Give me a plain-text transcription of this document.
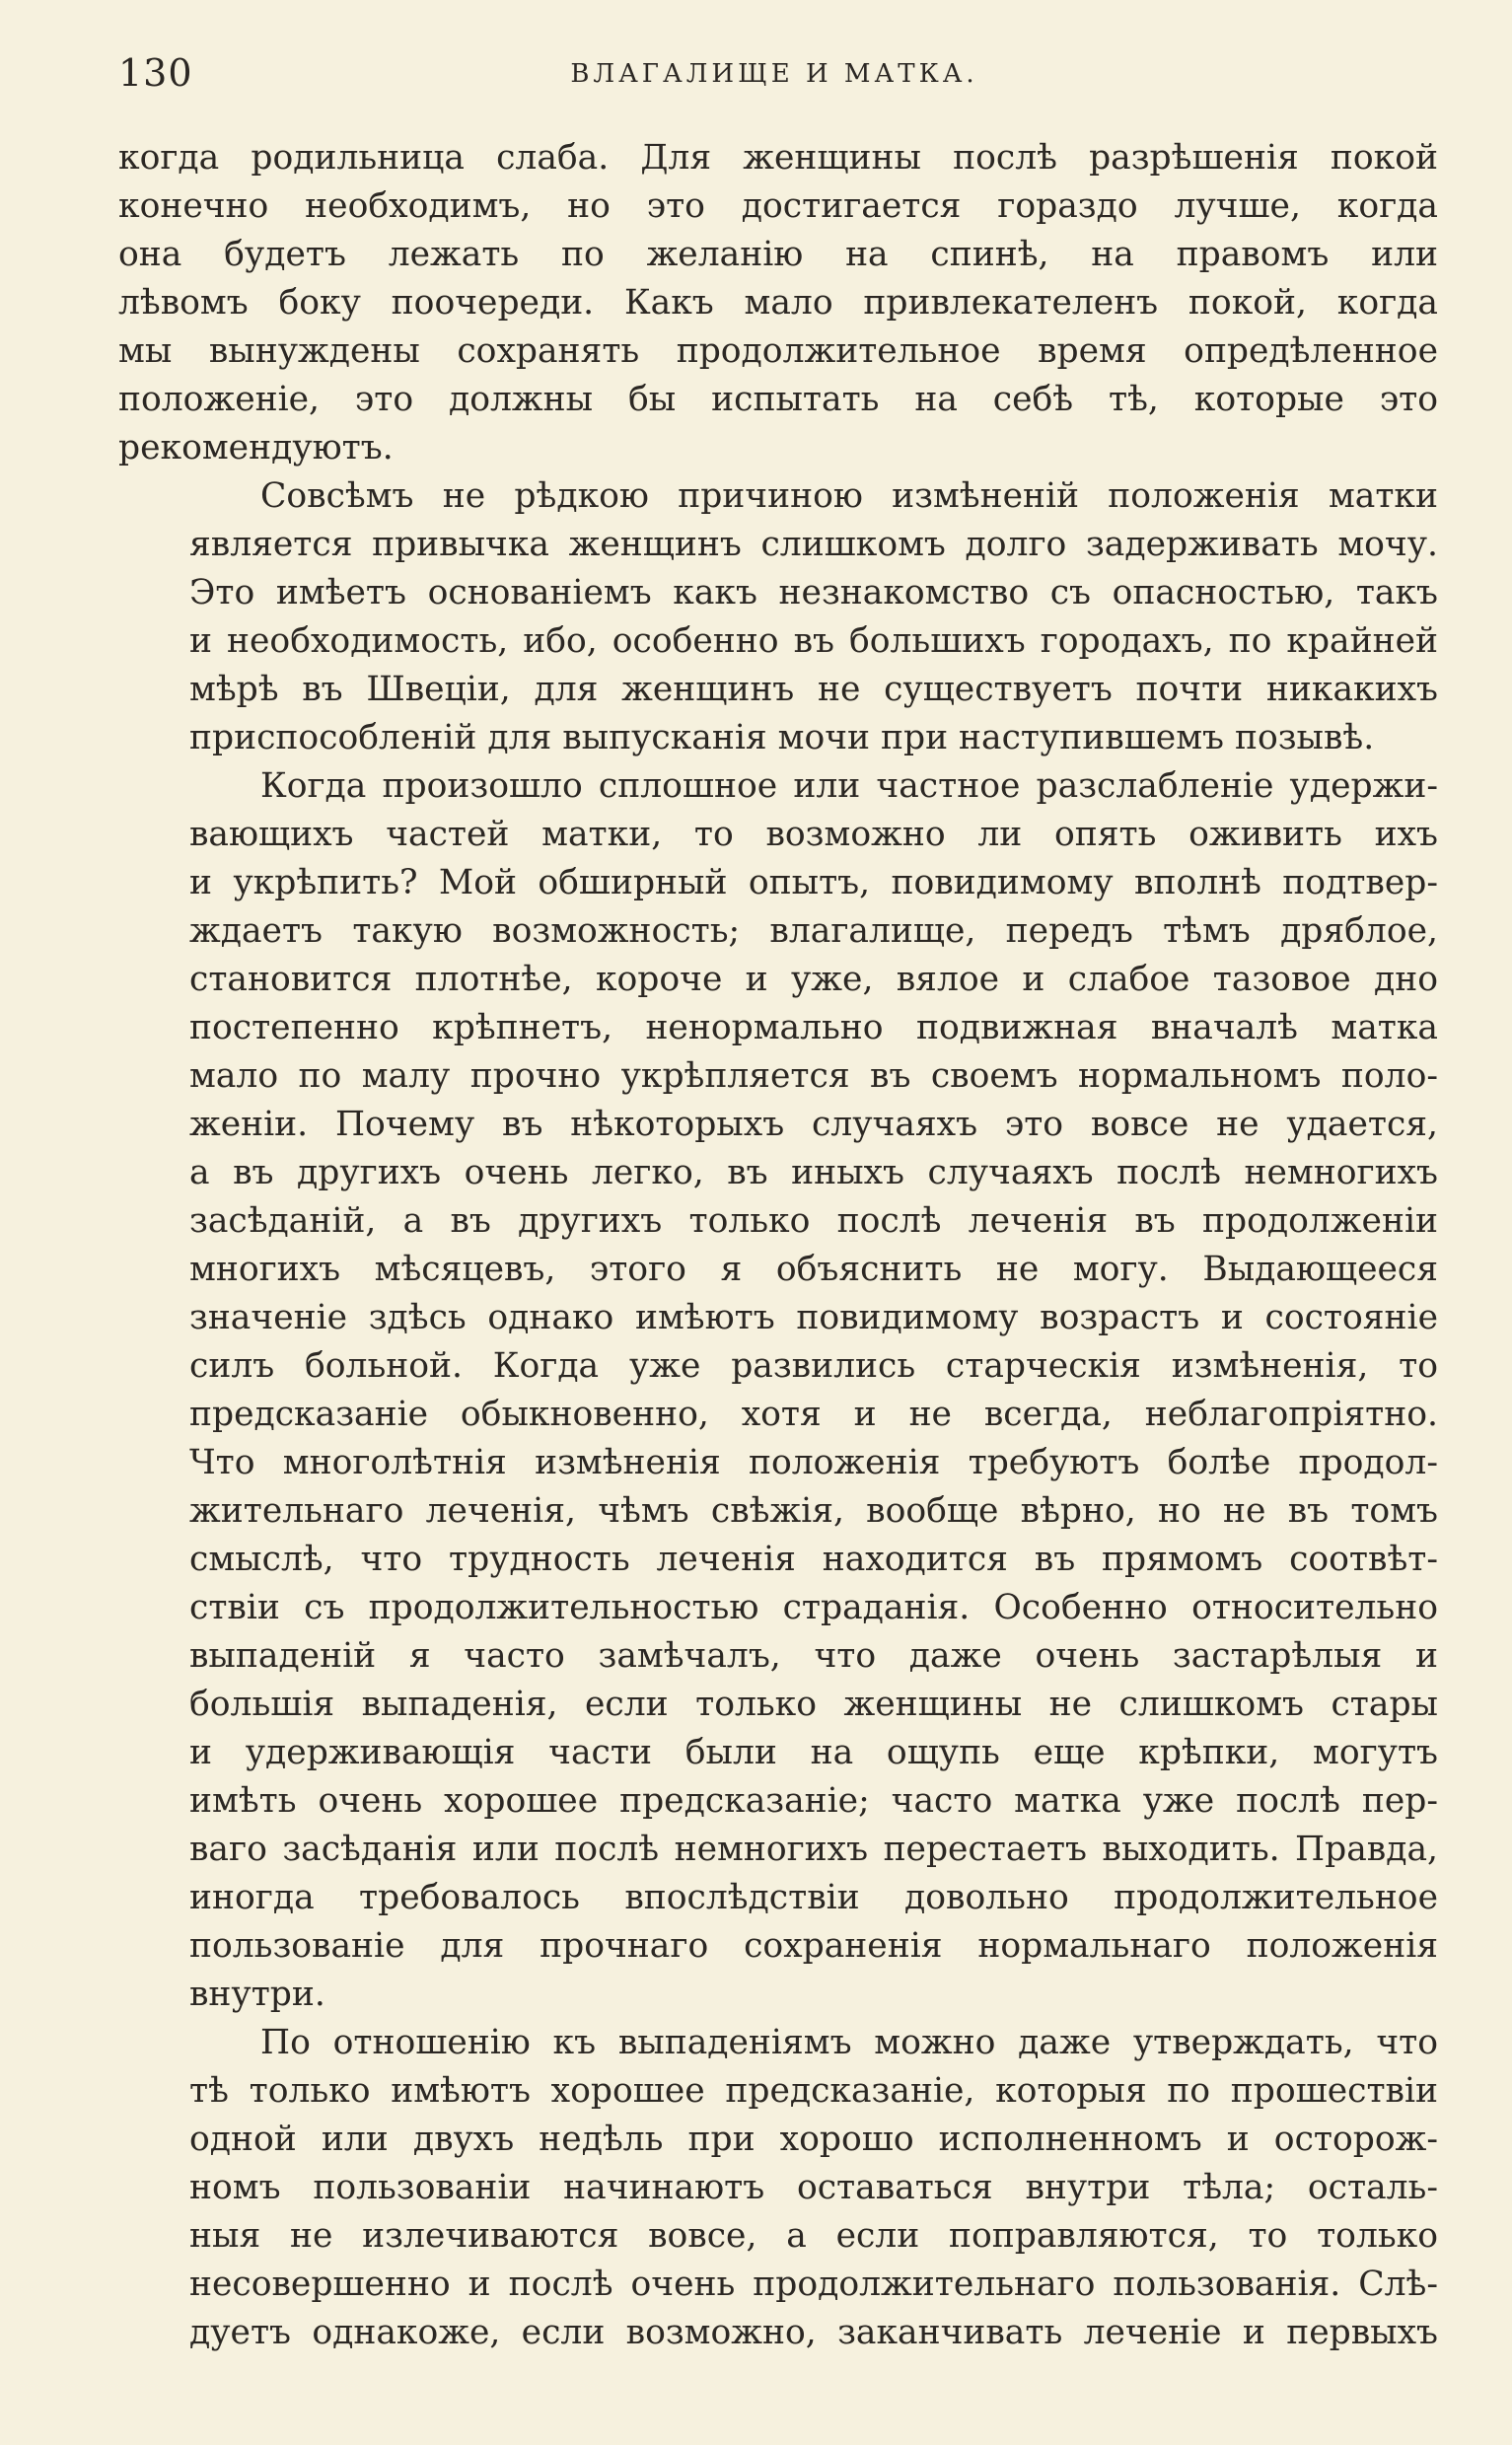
130	ВЛАГАЛИЩЕ И МАТКА.
когда родильница слаба. Для женщины послѣ разрѣшенія покой
конечно необходимъ, но это достигается гораздо лучше, когда
она будетъ лежать по желанію на спинѣ, на правомъ или
лѣвомъ боку поочереди. Какъ мало привлекателенъ покой, когда
мы вынуждены сохранять продолжительное время опредѣленное
положеніе, это должны бы испытать на себѣ тѣ, которые это
рекомендуютъ.
Совсѣмъ не рѣдкою причиною измѣненій положенія матки
является привычка женщинъ слишкомъ долго задерживать мочу.
Это имѣетъ основаніемъ какъ незнакомство съ опасностью, такъ
и необходимость, ибо, особенно въ большихъ городахъ, по крайней
мѣрѣ въ Швеціи, для женщинъ не существуетъ почти никакихъ
приспособленій для выпусканія мочи при наступившемъ позывѣ.
Когда произошло сплошное или частное разслабленіе удержи-
вающихъ частей матки, то возможно ли опять оживить ихъ
и укрѣпить? Мой обширный опытъ, повидимому вполнѣ подтвер-
ждаетъ такую возможность; влагалище, передъ тѣмъ дряблое,
становится плотнѣе, короче и уже, вялое и слабое тазовое дно
постепенно крѣпнетъ, ненормально подвижная вначалѣ матка
мало по малу прочно укрѣпляется въ своемъ нормальномъ поло-
женіи. Почему въ нѣкоторыхъ случаяхъ это вовсе не удается,
а въ другихъ очень легко, въ иныхъ случаяхъ послѣ немногихъ
засѣданій, а въ другихъ только послѣ леченія въ продолженіи
многихъ мѣсяцевъ, этого я объяснить не могу. Выдающееся
значеніе здѣсь однако имѣютъ повидимому возрастъ и состояніе
силъ больной. Когда уже развились старческія измѣненія, то
предсказаніе обыкновенно, хотя и не всегда, неблагопріятно.
Что многолѣтнія измѣненія положенія требуютъ болѣе продол-
жительнаго леченія, чѣмъ свѣжія, вообще вѣрно, но не въ томъ
смыслѣ, что трудность леченія находится въ прямомъ соотвѣт-
ствіи съ продолжительностью страданія. Особенно относительно
выпаденій я часто замѣчалъ, что даже очень застарѣлыя и
большія выпаденія, если только женщины не слишкомъ стары
и удерживающія части были на ощупь еще крѣпки, могутъ
имѣть очень хорошее предсказаніе; часто матка уже послѣ пер-
ваго засѣданія или послѣ немногихъ перестаетъ выходить. Правда,
иногда требовалось впослѣдствіи довольно продолжительное
пользованіе для прочнаго сохраненія нормальнаго положенія
внутри.
По отношенію къ выпаденіямъ можно даже утверждать, что
тѣ только имѣютъ хорошее предсказаніе, которыя по прошествіи
одной или двухъ недѣль при хорошо исполненномъ и осторож-
номъ пользованіи начинаютъ оставаться внутри тѣла; осталь-
ныя не излечиваются вовсе, а если поправляются, то только
несовершенно и послѣ очень продолжительнаго пользованія. Слѣ-
дуетъ однакоже, если возможно, заканчивать леченіе и первыхъ
